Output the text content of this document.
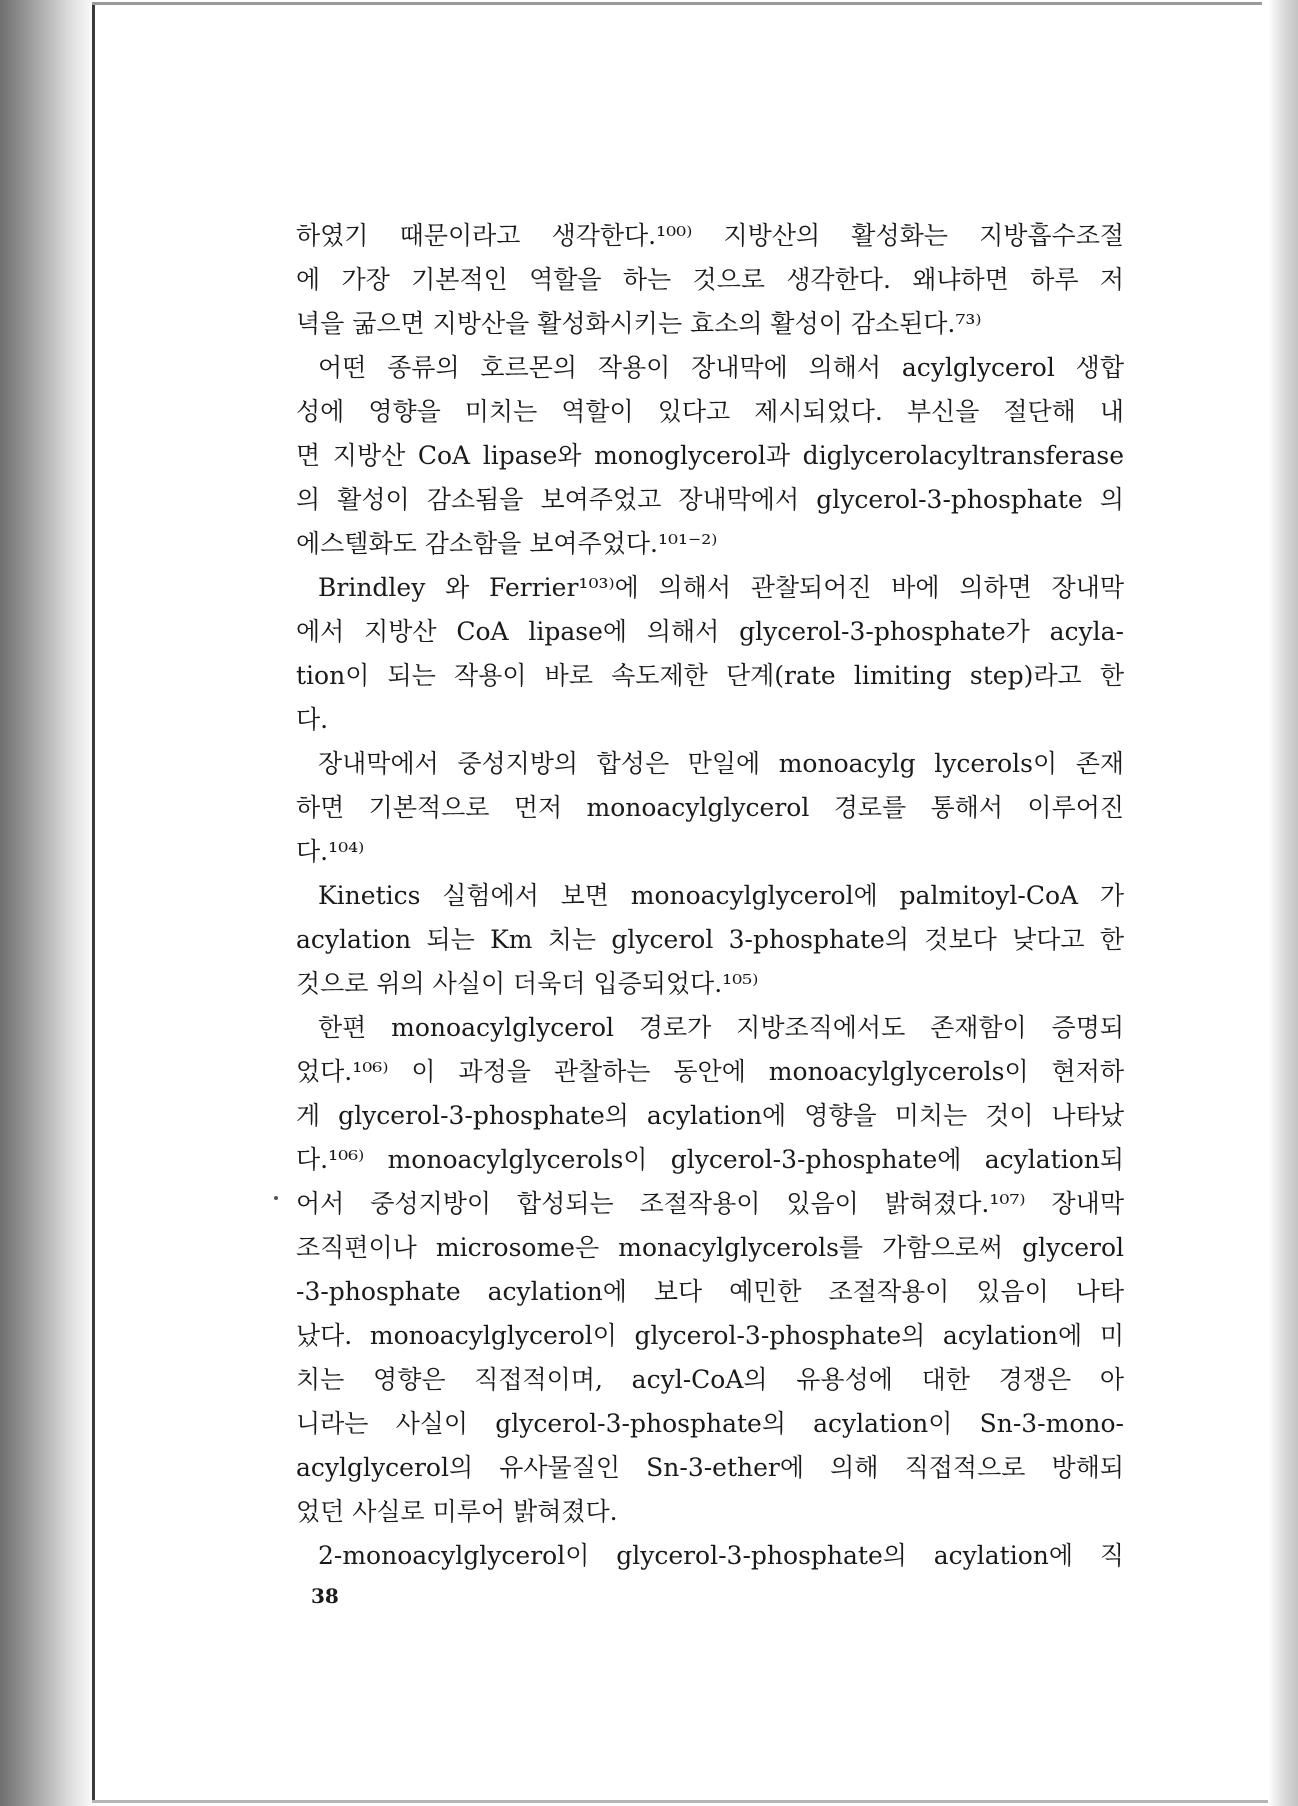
하였기 때문이라고 생각한다.¹⁰⁰⁾ 지방산의 활성화는 지방흡수조절
에 가장 기본적인 역할을 하는 것으로 생각한다. 왜냐하면 하루 저
녁을 굶으면 지방산을 활성화시키는 효소의 활성이 감소된다.⁷³⁾
어떤 종류의 호르몬의 작용이 장내막에 의해서 acylglycerol 생합
성에 영향을 미치는 역할이 있다고 제시되었다. 부신을 절단해 내
면 지방산 CoA lipase와 monoglycerol과 diglycerolacyltransferase
의 활성이 감소됨을 보여주었고 장내막에서 glycerol-3-phosphate 의
에스텔화도 감소함을 보여주었다.¹⁰¹⁻²⁾
Brindley 와 Ferrier¹⁰³⁾에 의해서 관찰되어진 바에 의하면 장내막
에서 지방산 CoA lipase에 의해서 glycerol-3-phosphate가 acyla-
tion이 되는 작용이 바로 속도제한 단계(rate limiting step)라고 한
다.
장내막에서 중성지방의 합성은 만일에 monoacylg lycerols이 존재
하면 기본적으로 먼저 monoacylglycerol 경로를 통해서 이루어진
다.¹⁰⁴⁾
Kinetics 실험에서 보면 monoacylglycerol에 palmitoyl-CoA 가
acylation 되는 Km 치는 glycerol 3-phosphate의 것보다 낮다고 한
것으로 위의 사실이 더욱더 입증되었다.¹⁰⁵⁾
한편 monoacylglycerol 경로가 지방조직에서도 존재함이 증명되
었다.¹⁰⁶⁾ 이 과정을 관찰하는 동안에 monoacylglycerols이 현저하
게 glycerol-3-phosphate의 acylation에 영향을 미치는 것이 나타났
다.¹⁰⁶⁾ monoacylglycerols이 glycerol-3-phosphate에 acylation되
어서 중성지방이 합성되는 조절작용이 있음이 밝혀졌다.¹⁰⁷⁾ 장내막
조직편이나 microsome은 monacylglycerols를 가함으로써 glycerol
-3-phosphate acylation에 보다 예민한 조절작용이 있음이 나타
났다. monoacylglycerol이 glycerol-3-phosphate의 acylation에 미
치는 영향은 직접적이며, acyl-CoA의 유용성에 대한 경쟁은 아
니라는 사실이 glycerol-3-phosphate의 acylation이 Sn-3-mono-
acylglycerol의 유사물질인 Sn-3-ether에 의해 직접적으로 방해되
었던 사실로 미루어 밝혀졌다.
2-monoacylglycerol이 glycerol-3-phosphate의 acylation에 직
38
